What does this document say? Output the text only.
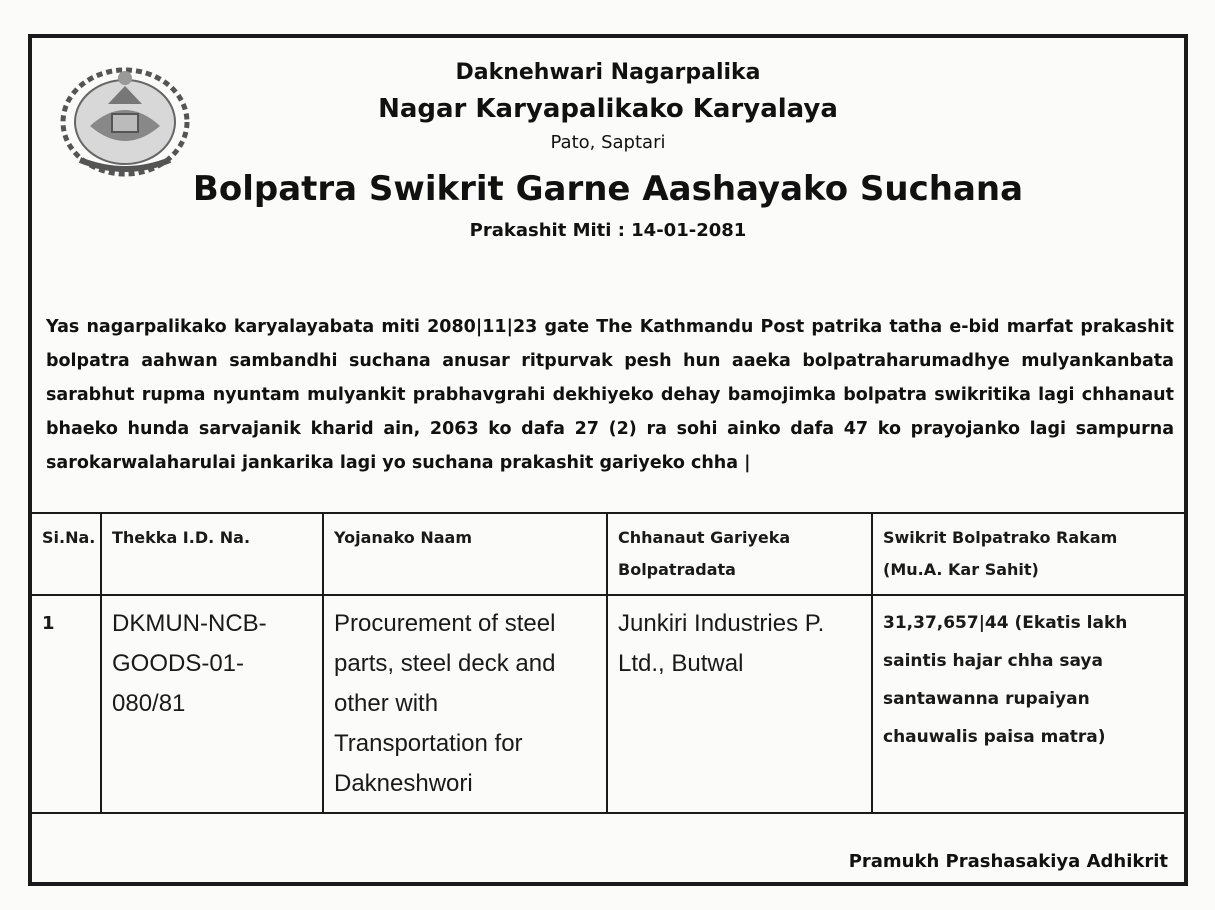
Daknehwari Nagarpalika
Nagar Karyapalikako Karyalaya
Pato, Saptari
Bolpatra Swikrit Garne Aashayako Suchana
Prakashit Miti : 14-01-2081
Yas nagarpalikako karyalayabata miti 2080|11|23 gate The Kathmandu Post patrika tatha e-bid marfat prakashit bolpatra aahwan sambandhi suchana anusar ritpurvak pesh hun aaeka bolpatraharumadhye mulyankanbata sarabhut rupma nyuntam mulyankit prabhavgrahi dekhiyeko dehay bamojimka bolpatra swikritika lagi chhanaut bhaeko hunda sarvajanik kharid ain, 2063 ko dafa 27 (2) ra sohi ainko dafa 47 ko prayojanko lagi sampurna sarokarwalaharulai jankarika lagi yo suchana prakashit gariyeko chha |
Si.Na.	Thekka I.D. Na.	Yojanako Naam	Chhanaut Gariyeka Bolpatradata	Swikrit Bolpatrako Rakam (Mu.A. Kar Sahit)
1	DKMUN-NCB-GOODS-01-080/81	Procurement of steel parts, steel deck and other with Transportation for Dakneshwori	Junkiri Industries P. Ltd., Butwal	31,37,657|44 (Ekatis lakh saintis hajar chha saya santawanna rupaiyan chauwalis paisa matra)

Pramukh Prashasakiya Adhikrit
